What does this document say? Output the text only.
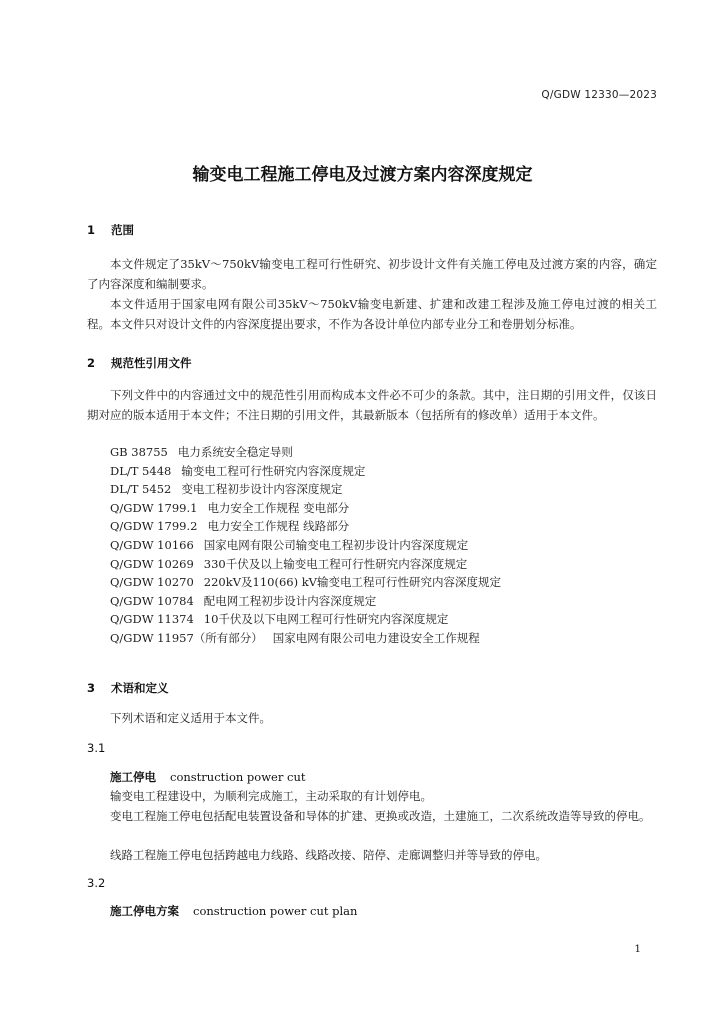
Q/GDW 12330—2023
输变电工程施工停电及过渡方案内容深度规定
1 范围

本文件规定了35kV～750kV输变电工程可行性研究、初步设计文件有关施工停电及过渡方案的内容，确定了内容深度和编制要求。

本文件适用于国家电网有限公司35kV～750kV输变电新建、扩建和改建工程涉及施工停电过渡的相关工程。本文件只对设计文件的内容深度提出要求，不作为各设计单位内部专业分工和卷册划分标准。

2 规范性引用文件

下列文件中的内容通过文中的规范性引用而构成本文件必不可少的条款。其中，注日期的引用文件，仅该日期对应的版本适用于本文件；不注日期的引用文件，其最新版本（包括所有的修改单）适用于本文件。

GB 38755 电力系统安全稳定导则
DL/T 5448 输变电工程可行性研究内容深度规定
DL/T 5452 变电工程初步设计内容深度规定
Q/GDW 1799.1 电力安全工作规程 变电部分
Q/GDW 1799.2 电力安全工作规程 线路部分
Q/GDW 10166 国家电网有限公司输变电工程初步设计内容深度规定
Q/GDW 10269 330千伏及以上输变电工程可行性研究内容深度规定
Q/GDW 10270 220kV及110(66) kV输变电工程可行性研究内容深度规定
Q/GDW 10784 配电网工程初步设计内容深度规定
Q/GDW 11374 10千伏及以下电网工程可行性研究内容深度规定
Q/GDW 11957（所有部分） 国家电网有限公司电力建设安全工作规程
3 术语和定义

下列术语和定义适用于本文件。

3.1
施工停电 construction power cut

输变电工程建设中，为顺利完成施工，主动采取的有计划停电。

变电工程施工停电包括配电装置设备和导体的扩建、更换或改造，土建施工，二次系统改造等导致的停电。

线路工程施工停电包括跨越电力线路、线路改接、陪停、走廊调整归并等导致的停电。

3.2
施工停电方案 construction power cut plan
1
